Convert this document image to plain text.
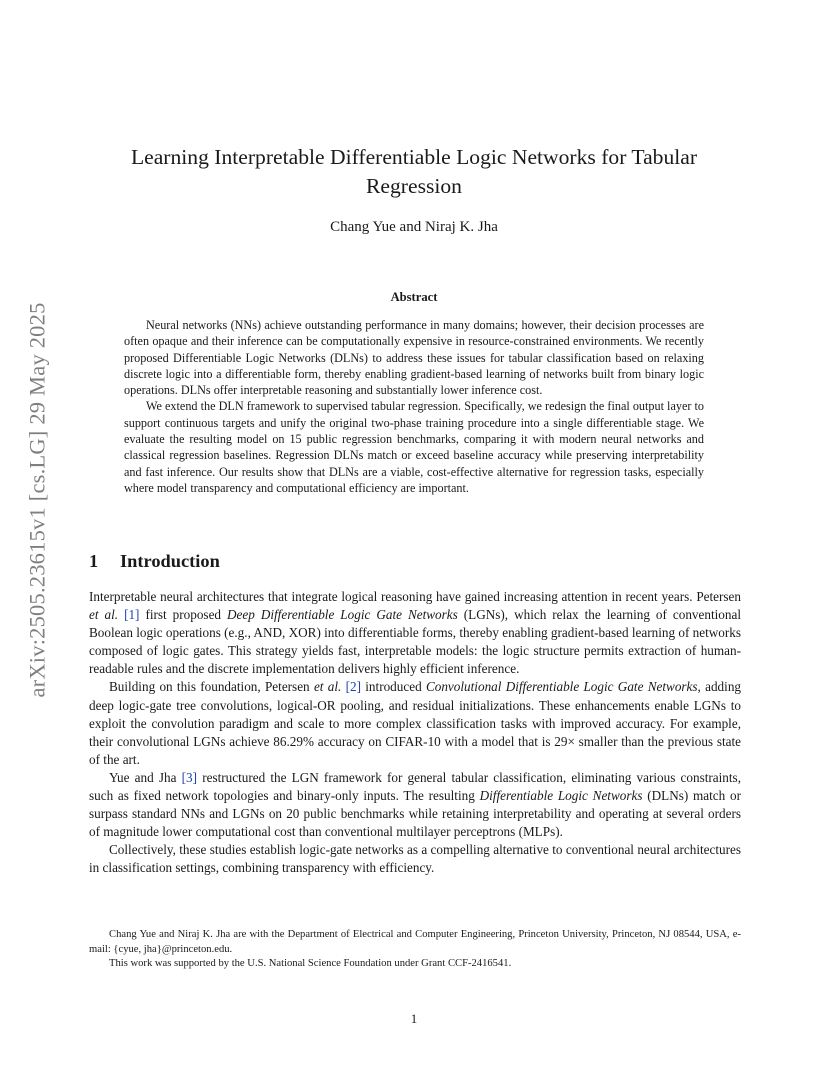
arXiv:2505.23615v1 [cs.LG] 29 May 2025
Learning Interpretable Differentiable Logic Networks for Tabular
Regression
Chang Yue and Niraj K. Jha
Abstract

Neural networks (NNs) achieve outstanding performance in many domains; however, their decision processes are often opaque and their inference can be computationally expensive in resource-constrained environments. We recently proposed Differentiable Logic Networks (DLNs) to address these issues for tabular classification based on relaxing discrete logic into a differentiable form, thereby enabling gradient-based learning of networks built from binary logic operations. DLNs offer interpretable reasoning and substantially lower inference cost.

We extend the DLN framework to supervised tabular regression. Specifically, we redesign the final output layer to support continuous targets and unify the original two-phase training procedure into a single differentiable stage. We evaluate the resulting model on 15 public regression benchmarks, comparing it with modern neural networks and classical regression baselines. Regression DLNs match or exceed baseline accuracy while preserving interpretability and fast inference. Our results show that DLNs are a viable, cost-effective alternative for regression tasks, especially where model transparency and computational efficiency are important.

1 Introduction

Interpretable neural architectures that integrate logical reasoning have gained increasing attention in recent years. Petersen et al. [1] first proposed Deep Differentiable Logic Gate Networks (LGNs), which relax the learning of conventional Boolean logic operations (e.g., AND, XOR) into differentiable forms, thereby enabling gradient-based learning of networks composed of logic gates. This strategy yields fast, interpretable models: the logic structure permits extraction of human-readable rules and the discrete implementation delivers highly efficient inference.

Building on this foundation, Petersen et al. [2] introduced Convolutional Differentiable Logic Gate Networks, adding deep logic-gate tree convolutions, logical-OR pooling, and residual initializations. These enhancements enable LGNs to exploit the convolution paradigm and scale to more complex classification tasks with improved accuracy. For example, their convolutional LGNs achieve 86.29% accuracy on CIFAR-10 with a model that is 29× smaller than the previous state of the art.

Yue and Jha [3] restructured the LGN framework for general tabular classification, eliminating various constraints, such as fixed network topologies and binary-only inputs. The resulting Differentiable Logic Networks (DLNs) match or surpass standard NNs and LGNs on 20 public benchmarks while retaining interpretability and operating at several orders of magnitude lower computational cost than conventional multilayer perceptrons (MLPs).

Collectively, these studies establish logic-gate networks as a compelling alternative to conventional neural architectures in classification settings, combining transparency with efficiency.

Chang Yue and Niraj K. Jha are with the Department of Electrical and Computer Engineering, Princeton University, Princeton, NJ 08544, USA, e-mail: {cyue, jha}@princeton.edu.

This work was supported by the U.S. National Science Foundation under Grant CCF-2416541.

1
